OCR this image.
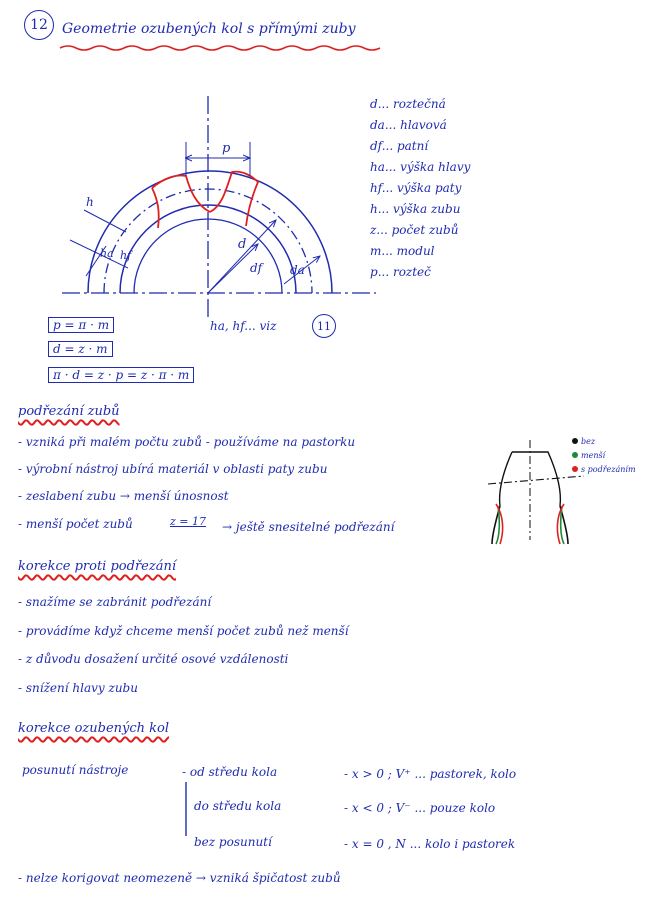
12 Geometrie ozubených kol s přímými zuby
d... roztečná
da... hlavová
df... patní
ha... výška hlavy
hf... výška paty
h... výška zubu
z... počet zubů
m... modul
p... rozteč
p
h
ha hf
d
df da
ha, hf... viz	11
p = π · m
d = z · m
π · d = z · p = z · π · m
podřezání zubů
- vzniká při malém počtu zubů - používáme na pastorku
- výrobní nástroj ubírá materiál v oblasti paty zubu
- zeslabení zubu → menší únosnost
- menší počet zubů	z = 17 → ještě snesitelné podřezání
bez
menší
s podřezáním
korekce proti podřezání
- snažíme se zabránit podřezání
- provádíme když chceme menší počet zubů než menší
- z důvodu dosažení určité osové vzdálenosti
- snížení hlavy zubu
korekce ozubených kol
posunutí nástroje	- od středu kola	- x > 0 ; V⁺ ... pastorek, kolo
do středu kola	- x < 0 ; V⁻ ... pouze kolo
bez posunutí	- x = 0 , N ... kolo i pastorek
- nelze korigovat neomezeně → vzniká špičatost zubů
